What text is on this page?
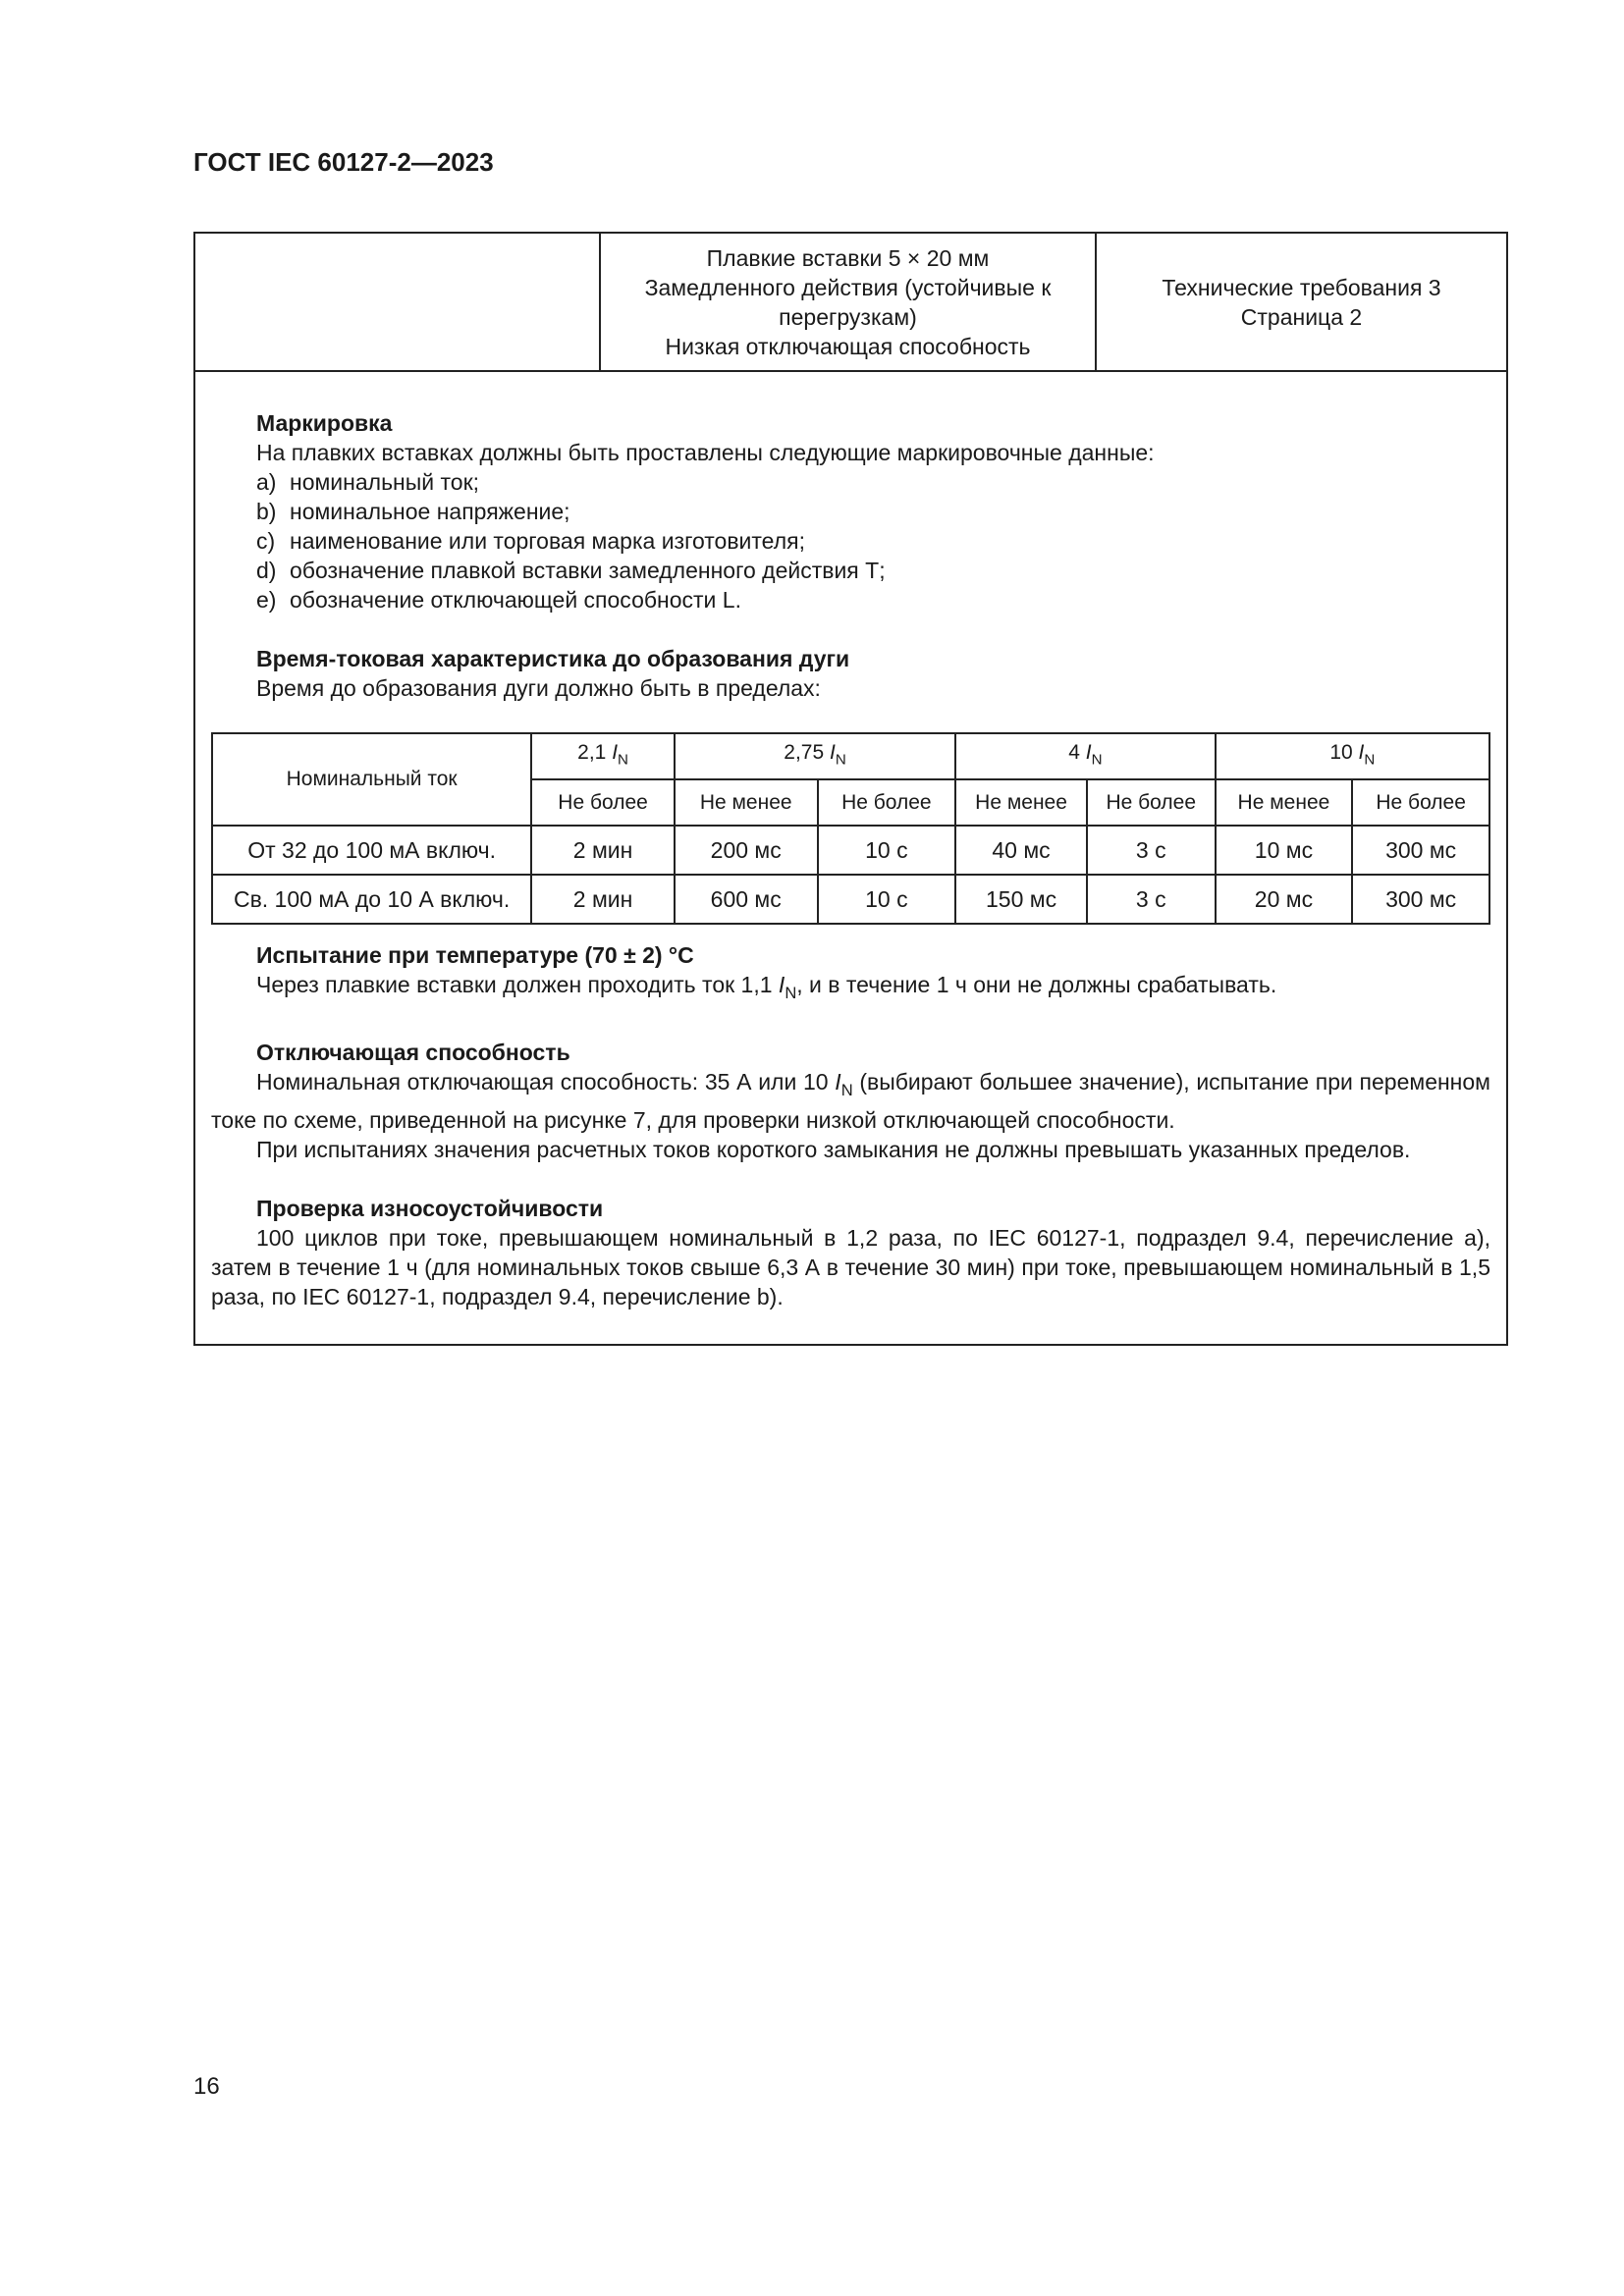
ГОСТ IEC 60127-2—2023
Плавкие вставки 5 × 20 мм
Замедленного действия (устойчивые к
перегрузкам)
Низкая отключающая способность
Технические требования 3
Страница 2
Маркировка
На плавких вставках должны быть проставлены следующие маркировочные данные:
a) номинальный ток;
b) номинальное напряжение;
c) наименование или торговая марка изготовителя;
d) обозначение плавкой вставки замедленного действия Т;
e) обозначение отключающей способности L.
Время-токовая характеристика до образования дуги
Время до образования дуги должно быть в пределах:
Номинальный ток	2,1 $I_N$	2,75 $I_N$		4 $I_N$		10 $I_N$
	Не более	Не менее	Не более	Не менее	Не более	Не менее	Не более
От 32 до 100 мА включ.	2 мин	200 мс	10 с	40 мс	3 с	10 мс	300 мс
Св. 100 мА до 10 А включ.	2 мин	600 мс	10 с	150 мс	3 с	20 мс	300 мс
Испытание при температуре (70 ± 2) °С
Через плавкие вставки должен проходить ток 1,1 $I_N$, и в течение 1 ч они не должны срабатывать.
Отключающая способность
Номинальная отключающая способность: 35 А или 10 $I_N$ (выбирают большее значение), испытание при переменном токе по схеме, приведенной на рисунке 7, для проверки низкой отключающей способности.
При испытаниях значения расчетных токов короткого замыкания не должны превышать указанных пределов.
Проверка износоустойчивости
100 циклов при токе, превышающем номинальный в 1,2 раза, по IEC 60127-1, подраздел 9.4, перечисление а), затем в течение 1 ч (для номинальных токов свыше 6,3 А в течение 30 мин) при токе, превышающем номинальный в 1,5 раза, по IEC 60127-1, подраздел 9.4, перечисление b).
16
